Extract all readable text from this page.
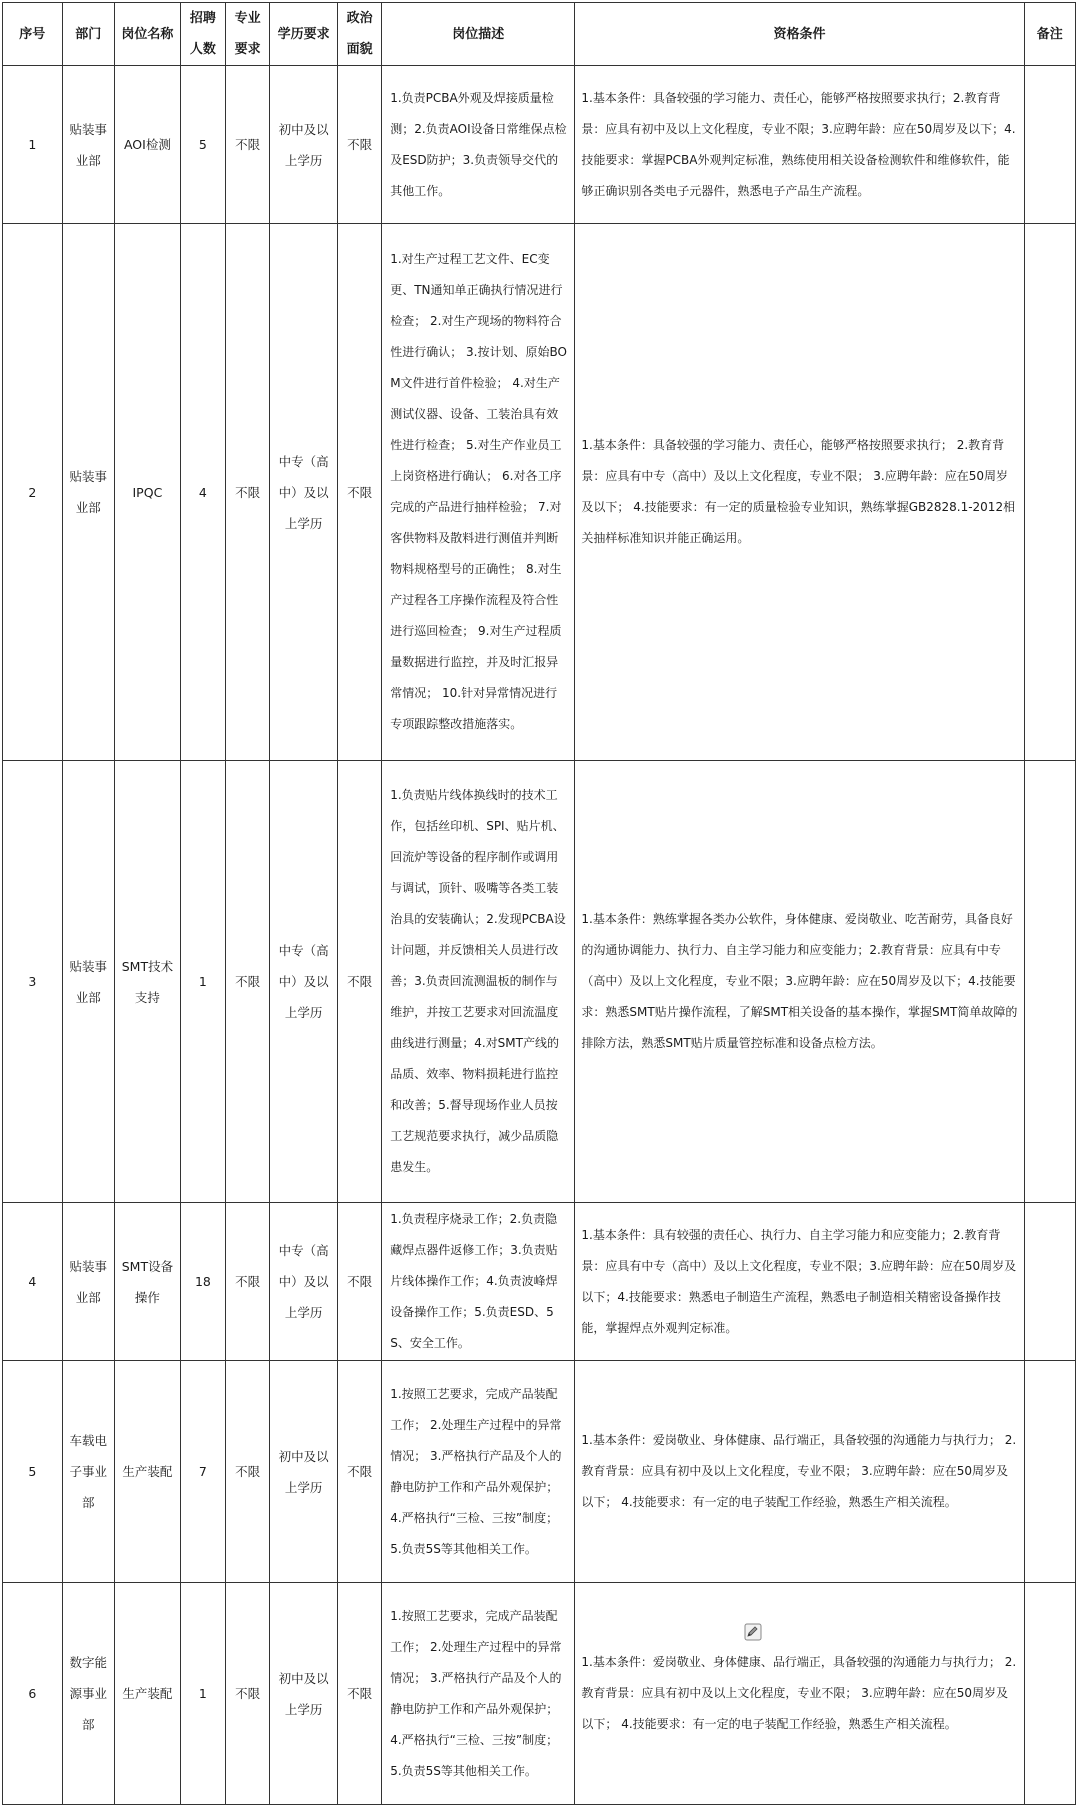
序号	部门	岗位名称	招聘人数	专业要求	学历要求	政治面貌	岗位描述	资格条件	备注
1	贴装事业部	AOI检测	5	不限	初中及以上学历	不限	1.负责PCBA外观及焊接质量检测；2.负责AOI设备日常维保点检及ESD防护；3.负责领导交代的其他工作。	1.基本条件：具备较强的学习能力、责任心，能够严格按照要求执行；2.教育背景：应具有初中及以上文化程度，专业不限；3.应聘年龄：应在50周岁及以下；4.技能要求：掌握PCBA外观判定标准，熟练使用相关设备检测软件和维修软件，能够正确识别各类电子元器件，熟悉电子产品生产流程。	
2	贴装事业部	IPQC	4	不限	中专（高中）及以上学历	不限	1.对生产过程工艺文件、EC变更、TN通知单正确执行情况进行检查； 2.对生产现场的物料符合性进行确认； 3.按计划、原始BOM文件进行首件检验； 4.对生产测试仪器、设备、工装治具有效性进行检查； 5.对生产作业员工上岗资格进行确认； 6.对各工序完成的产品进行抽样检验； 7.对客供物料及散料进行测值并判断物料规格型号的正确性； 8.对生产过程各工序操作流程及符合性进行巡回检查； 9.对生产过程质量数据进行监控，并及时汇报异常情况； 10.针对异常情况进行专项跟踪整改措施落实。	1.基本条件：具备较强的学习能力、责任心，能够严格按照要求执行； 2.教育背景：应具有中专（高中）及以上文化程度，专业不限； 3.应聘年龄：应在50周岁及以下； 4.技能要求：有一定的质量检验专业知识，熟练掌握GB2828.1-2012相关抽样标准知识并能正确运用。	
3	贴装事业部	SMT技术支持	1	不限	中专（高中）及以上学历	不限	1.负责贴片线体换线时的技术工作，包括丝印机、SPI、贴片机、回流炉等设备的程序制作或调用与调试，顶针、吸嘴等各类工装治具的安装确认；2.发现PCBA设计问题，并反馈相关人员进行改善；3.负责回流测温板的制作与维护，并按工艺要求对回流温度曲线进行测量；4.对SMT产线的品质、效率、物料损耗进行监控和改善；5.督导现场作业人员按工艺规范要求执行，减少品质隐患发生。	1.基本条件：熟练掌握各类办公软件，身体健康、爱岗敬业、吃苦耐劳，具备良好的沟通协调能力、执行力、自主学习能力和应变能力；2.教育背景：应具有中专（高中）及以上文化程度，专业不限；3.应聘年龄：应在50周岁及以下；4.技能要求：熟悉SMT贴片操作流程，了解SMT相关设备的基本操作，掌握SMT简单故障的排除方法，熟悉SMT贴片质量管控标准和设备点检方法。	
4	贴装事业部	SMT设备操作	18	不限	中专（高中）及以上学历	不限	1.负责程序烧录工作；2.负责隐藏焊点器件返修工作；3.负责贴片线体操作工作；4.负责波峰焊设备操作工作；5.负责ESD、5S、安全工作。	1.基本条件：具有较强的责任心、执行力、自主学习能力和应变能力；2.教育背景：应具有中专（高中）及以上文化程度，专业不限；3.应聘年龄：应在50周岁及以下；4.技能要求：熟悉电子制造生产流程，熟悉电子制造相关精密设备操作技能，掌握焊点外观判定标准。	
5	车载电子事业部	生产装配	7	不限	初中及以上学历	不限	1.按照工艺要求，完成产品装配工作； 2.处理生产过程中的异常情况； 3.严格执行产品及个人的静电防护工作和产品外观保护； 4.严格执行“三检、三按”制度； 5.负责5S等其他相关工作。	1.基本条件：爱岗敬业、身体健康、品行端正，具备较强的沟通能力与执行力； 2.教育背景：应具有初中及以上文化程度，专业不限； 3.应聘年龄：应在50周岁及以下； 4.技能要求：有一定的电子装配工作经验，熟悉生产相关流程。	
6	数字能源事业部	生产装配	1	不限	初中及以上学历	不限	1.按照工艺要求，完成产品装配工作； 2.处理生产过程中的异常情况； 3.严格执行产品及个人的静电防护工作和产品外观保护； 4.严格执行“三检、三按”制度； 5.负责5S等其他相关工作。	1.基本条件：爱岗敬业、身体健康、品行端正，具备较强的沟通能力与执行力； 2.教育背景：应具有初中及以上文化程度，专业不限； 3.应聘年龄：应在50周岁及以下； 4.技能要求：有一定的电子装配工作经验，熟悉生产相关流程。	
